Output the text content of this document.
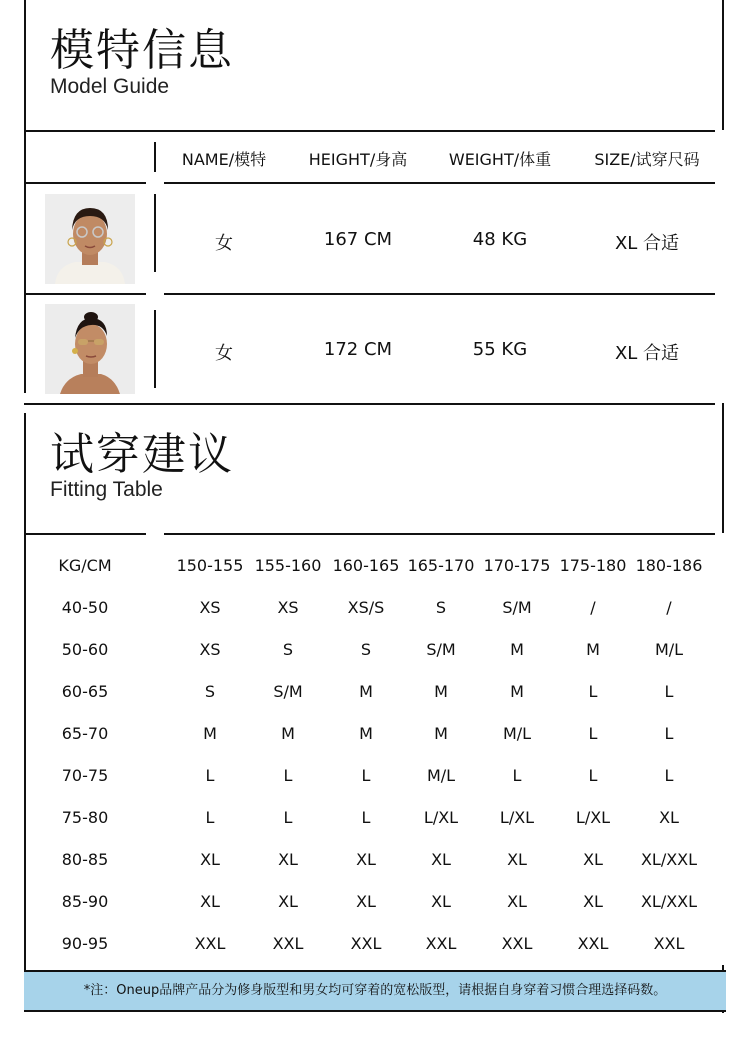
模特信息
Model Guide
NAME/模特	HEIGHT/身高	WEIGHT/体重	SIZE/试穿尺码
女	167 CM	48 KG	XL 合适
女	172 CM	55 KG	XL 合适
试穿建议
Fitting Table
KG/CM	150-155 155-160 160-165 165-170 170-175 175-180 180-186
40-50	XS	XS	XS/S	S	S/M	/	/
50-60	XS	S	S	S/M	M	M	M/L
60-65	S	S/M	M	M	M	L	L
65-70	M	M	M	M	M/L	L	L
70-75	L	L	L	M/L	L	L	L
75-80	L	L	L	L/XL	L/XL	L/XL	XL
80-85	XL	XL	XL	XL	XL	XL	XL/XXL
85-90	XL	XL	XL	XL	XL	XL	XL/XXL
90-95	XXL	XXL	XXL	XXL	XXL	XXL	XXL
*注：Oneup品牌产品分为修身版型和男女均可穿着的宽松版型，请根据自身穿着习惯合理选择码数。
